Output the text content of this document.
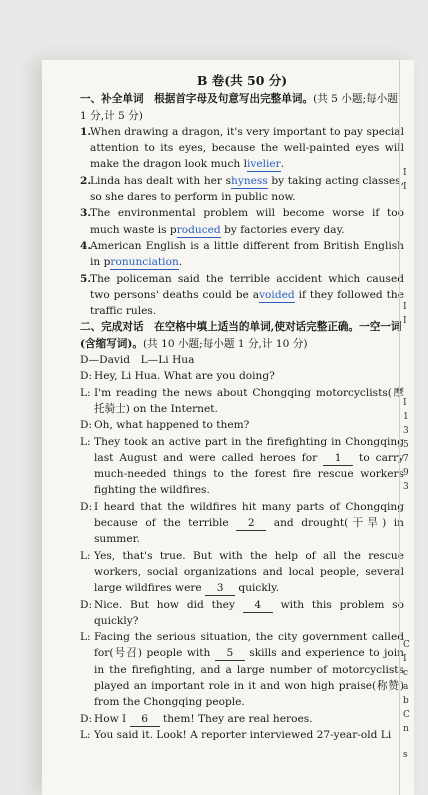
B 卷(共 50 分)
一、补全单词　根据首字母及句意写出完整单词。(共 5 小题;每小题 1 分,计 5 分)
1.
When drawing a dragon, it's very important to pay special attention to its eyes, because the well-painted eyes will make the dragon look much livelier.
2.
Linda has dealt with her shyness by taking acting classes, so she dares to perform in public now.
3.
The environmental problem will become worse if too much waste is produced by factories every day.
4.
American English is a little different from British English in pronunciation.
5.
The policeman said the terrible accident which caused two persons' deaths could be avoided if they followed the traffic rules.
二、完成对话　在空格中填上适当的单词,使对话完整正确。一空一词(含缩写词)。(共 10 小题;每小题 1 分,计 10 分)
D—David　L—Li Hua
D: Hey, Li Hua. What are you doing?
L: I'm reading the news about Chongqing motorcyclists(摩托骑士) on the Internet.
D: Oh, what happened to them?
L: They took an active part in the firefighting in Chongqing last August and were called heroes for 1 to carry much-needed things to the forest fire rescue workers fighting the wildfires.
D: I heard that the wildfires hit many parts of Chongqing because of the terrible 2 and drought(干旱) in summer.
L: Yes, that's true. But with the help of all the rescue workers, social organizations and local people, several large wildfires were 3 quickly.
D: Nice. But how did they 4 with this problem so quickly?
L: Facing the serious situation, the city government called for(号召) people with 5 skills and experience to join in the firefighting, and a large number of motorcyclists played an important role in it and won high praise(称赞) from the Chongqing people.
D: How I 6 them! They are real heroes.
L: You said it. Look! A reporter interviewed 27-year-old Li
I
I
I
I
I
1
3
5
7
9
3
C
I
c
a
b
C
n
s
